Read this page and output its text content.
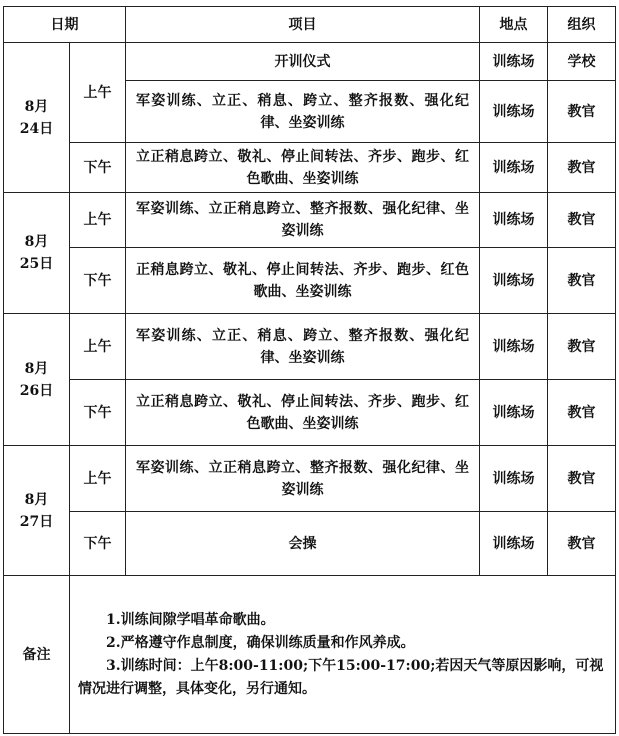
日期		项目	地点	组织

8月
24日	上午	开训仪式	训练场	学校
		军姿训练、立正、稍息、跨立、整齐报数、强化纪律、坐姿训练	训练场	教官
	下午	立正稍息跨立、敬礼、停止间转法、齐步、跑步、红色歌曲、坐姿训练	训练场	教官

8月
25日	上午	军姿训练、立正稍息跨立、整齐报数、强化纪律、坐姿训练	训练场	教官
	下午	正稍息跨立、敬礼、停止间转法、齐步、跑步、红色歌曲、坐姿训练	训练场	教官

8月
26日	上午	军姿训练、立正、稍息、跨立、整齐报数、强化纪律、坐姿训练	训练场	教官
	下午	立正稍息跨立、敬礼、停止间转法、齐步、跑步、红色歌曲、坐姿训练	训练场	教官

8月
27日	上午	军姿训练、立正稍息跨立、整齐报数、强化纪律、坐姿训练	训练场	教官
	下午	会操	训练场	教官
备注	1.训练间隙学唱革命歌曲。

2.严格遵守作息制度，确保训练质量和作风养成。

3.训练时间：上午8:00-11:00;下午15:00-17:00;若因天气等原因影响，可视情况进行调整，具体变化，另行通知。			
